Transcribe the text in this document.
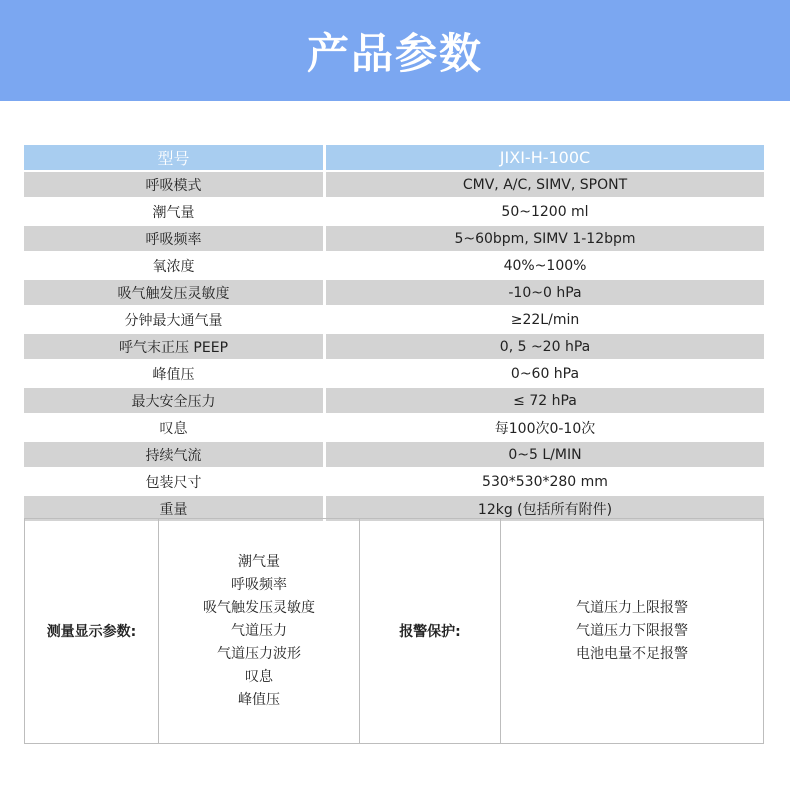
产品参数
型号	JIXI-H-100C
呼吸模式	CMV, A/C, SIMV, SPONT
潮气量	50~1200 ml
呼吸频率	5~60bpm, SIMV 1-12bpm
氧浓度	40%~100%
吸气触发压灵敏度	-10~0 hPa
分钟最大通气量	≥22L/min
呼气末正压 PEEP	0, 5 ~20 hPa
峰值压	0~60 hPa
最大安全压力	≤ 72 hPa
叹息	每100次0-10次
持续气流	0~5 L/MIN
包装尺寸	530*530*280 mm
重量	12kg (包括所有附件)
测量显示参数:
潮气量
呼吸频率
吸气触发压灵敏度
气道压力
气道压力波形
叹息
峰值压
报警保护:
气道压力上限报警
气道压力下限报警
电池电量不足报警
